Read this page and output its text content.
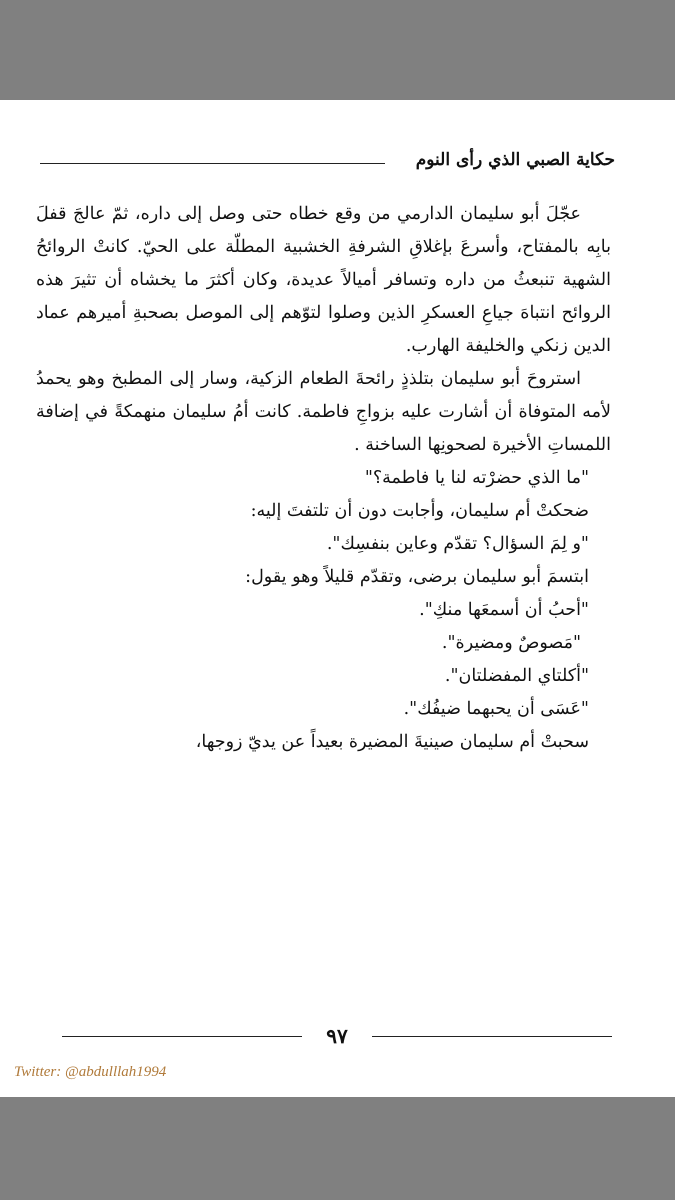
حكاية الصبي الذي رأى النوم

عجّلَ أبو سليمان الدارمي من وقع خطاه حتى وصل إلى داره، ثمّ عالجَ قفلَ بابِه بالمفتاح، وأسرعَ بإغلاقِ الشرفةِ الخشبية المطلّة على الحيّ. كانتْ الروائحُ الشهية تنبعثُ من داره وتسافر أميالاً عديدة، وكان أكثرَ ما يخشاه أن تثيرَ هذه الروائح انتباهَ جياعِ العسكرِ الذين وصلوا لتوّهم إلى الموصل بصحبةِ أميرهم عماد الدين زنكي والخليفة الهارب.

استروحَ أبو سليمان بتلذذٍ رائحةَ الطعام الزكية، وسار إلى المطبخ وهو يحمدُ لأمه المتوفاة أن أشارت عليه بزواجِ فاطمة. كانت أمُ سليمان منهمكةً في إضافة اللمساتِ الأخيرة لصحونِها الساخنة .

"ما الذي حضرْته لنا يا فاطمة؟"

ضحكتْ أم سليمان، وأجابت دون أن تلتفتَ إليه:

"و لِمَ السؤال؟ تقدّم وعاين بنفسِك".

ابتسمَ أبو سليمان برضى، وتقدّم قليلاً وهو يقول:

"أحبُ أن أسمعَها منكِ".

"مَصوصٌ ومضيرة".

"أكلتاي المفضلتان".

"عَسَى أن يحبهما ضيفُك".

سحبتْ أم سليمان صينيةَ المضيرة بعيداً عن يديّ زوجها،

٩٧
Twitter: @abdulllah1994
